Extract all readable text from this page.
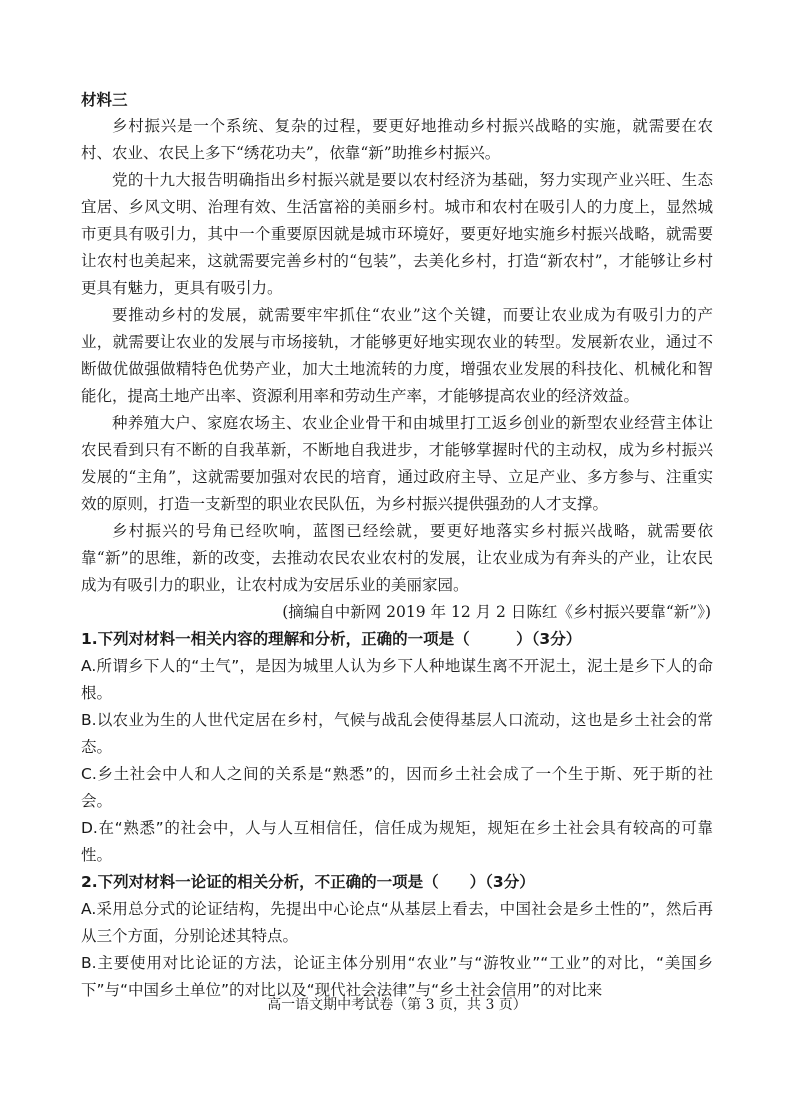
材料三

乡村振兴是一个系统、复杂的过程，要更好地推动乡村振兴战略的实施，就需要在农村、农业、农民上多下“绣花功夫”，依靠“新”助推乡村振兴。

党的十九大报告明确指出乡村振兴就是要以农村经济为基础，努力实现产业兴旺、生态宜居、乡风文明、治理有效、生活富裕的美丽乡村。城市和农村在吸引人的力度上，显然城市更具有吸引力，其中一个重要原因就是城市环境好，要更好地实施乡村振兴战略，就需要让农村也美起来，这就需要完善乡村的“包装”，去美化乡村，打造“新农村”，才能够让乡村更具有魅力，更具有吸引力。

要推动乡村的发展，就需要牢牢抓住“农业”这个关键，而要让农业成为有吸引力的产业，就需要让农业的发展与市场接轨，才能够更好地实现农业的转型。发展新农业，通过不断做优做强做精特色优势产业，加大土地流转的力度，增强农业发展的科技化、机械化和智能化，提高土地产出率、资源利用率和劳动生产率，才能够提高农业的经济效益。

种养殖大户、家庭农场主、农业企业骨干和由城里打工返乡创业的新型农业经营主体让农民看到只有不断的自我革新，不断地自我进步，才能够掌握时代的主动权，成为乡村振兴发展的“主角”，这就需要加强对农民的培育，通过政府主导、立足产业、多方参与、注重实效的原则，打造一支新型的职业农民队伍，为乡村振兴提供强劲的人才支撑。

乡村振兴的号角已经吹响，蓝图已经绘就，要更好地落实乡村振兴战略，就需要依靠“新”的思维，新的改变，去推动农民农业农村的发展，让农业成为有奔头的产业，让农民成为有吸引力的职业，让农村成为安居乐业的美丽家园。

(摘编自中新网 2019 年 12 月 2 日陈红《乡村振兴要靠“新”》)

1.下列对材料一相关内容的理解和分析，正确的一项是（　　　）（3分）

A.所谓乡下人的“土气”，是因为城里人认为乡下人种地谋生离不开泥土，泥土是乡下人的命根。

B.以农业为生的人世代定居在乡村，气候与战乱会使得基层人口流动，这也是乡土社会的常态。

C.乡土社会中人和人之间的关系是“熟悉”的，因而乡土社会成了一个生于斯、死于斯的社会。

D.在“熟悉”的社会中，人与人互相信任，信任成为规矩，规矩在乡土社会具有较高的可靠性。

2.下列对材料一论证的相关分析，不正确的一项是（　　）（3分）

A.采用总分式的论证结构，先提出中心论点“从基层上看去，中国社会是乡土性的”，然后再从三个方面，分别论述其特点。

B.主要使用对比论证的方法，论证主体分别用“农业”与“游牧业”“工业”的对比，“美国乡下”与“中国乡土单位”的对比以及“现代社会法律”与“乡土社会信用”的对比来

高一语文期中考试卷（第 3 页，共 3 页）
